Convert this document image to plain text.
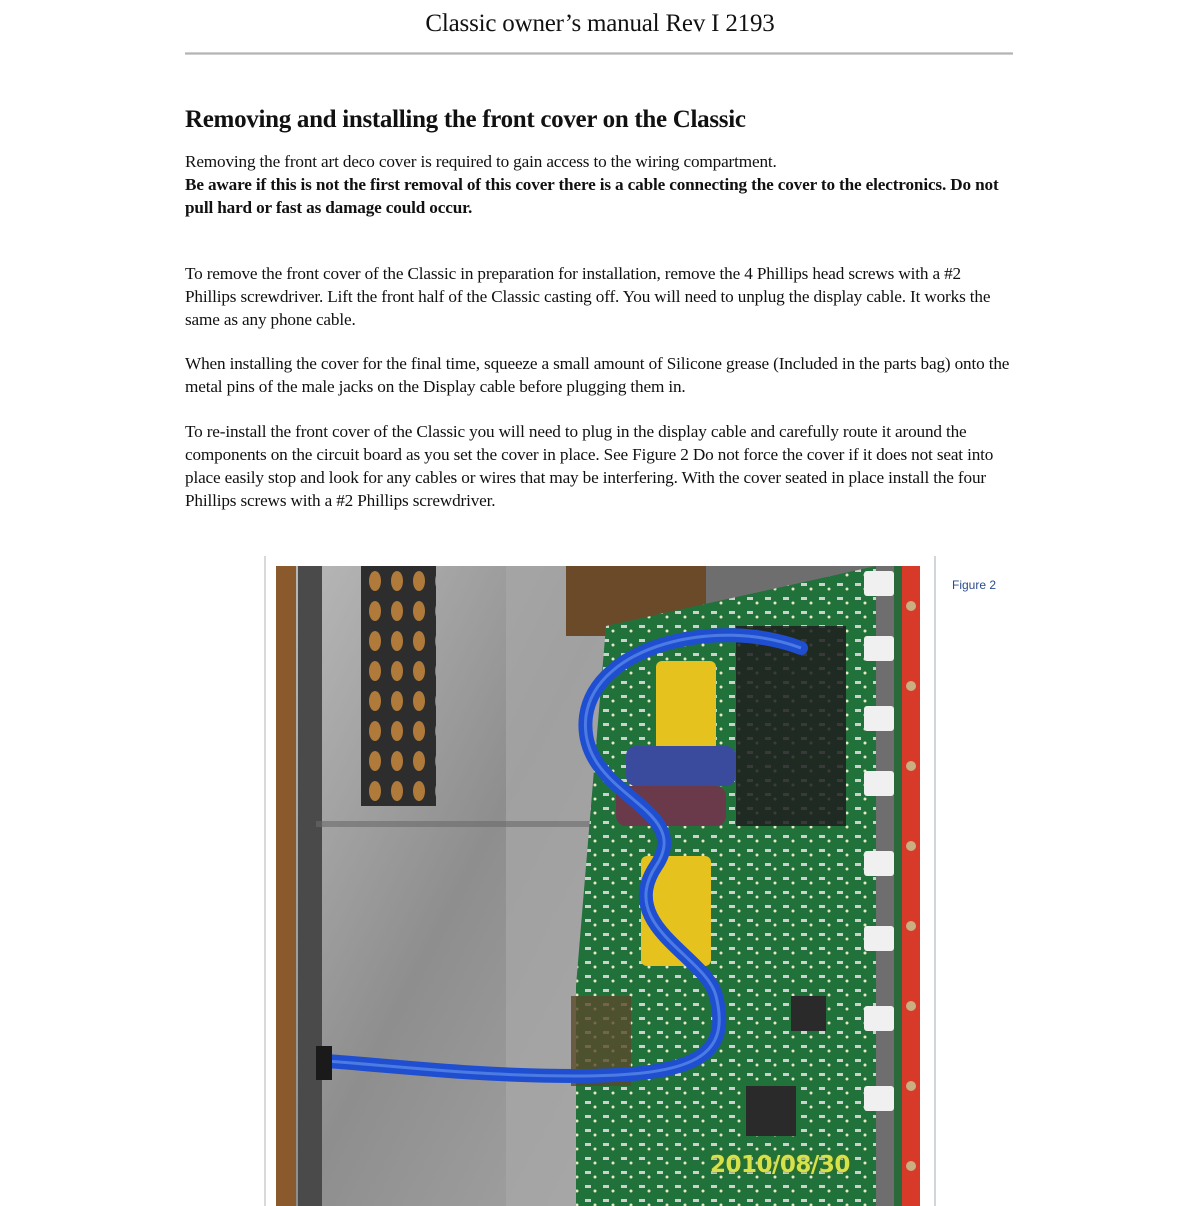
Classic owner’s manual Rev I 2193
Removing and installing the front cover on the Classic
Removing the front art deco cover is required to gain access to the wiring compartment.
Be aware if this is not the first removal of this cover there is a cable connecting the cover to the electronics. Do not pull hard or fast as damage could occur.
To remove the front cover of the Classic in preparation for installation, remove the 4 Phillips head screws with a #2 Phillips screwdriver. Lift the front half of the Classic casting off. You will need to unplug the display cable. It works the same as any phone cable.
When installing the cover for the final time, squeeze a small amount of Silicone grease (Included in the parts bag) onto the metal pins of the male jacks on the Display cable before plugging them in.
To re-install the front cover of the Classic you will need to plug in the display cable and carefully route it around the components on the circuit board as you set the cover in place. See Figure 2 Do not force the cover if it does not seat into place easily stop and look for any cables or wires that may be interfering. With the cover seated in place install the four Phillips screws with a #2 Phillips screwdriver.
2010/08/30
Figure 2
